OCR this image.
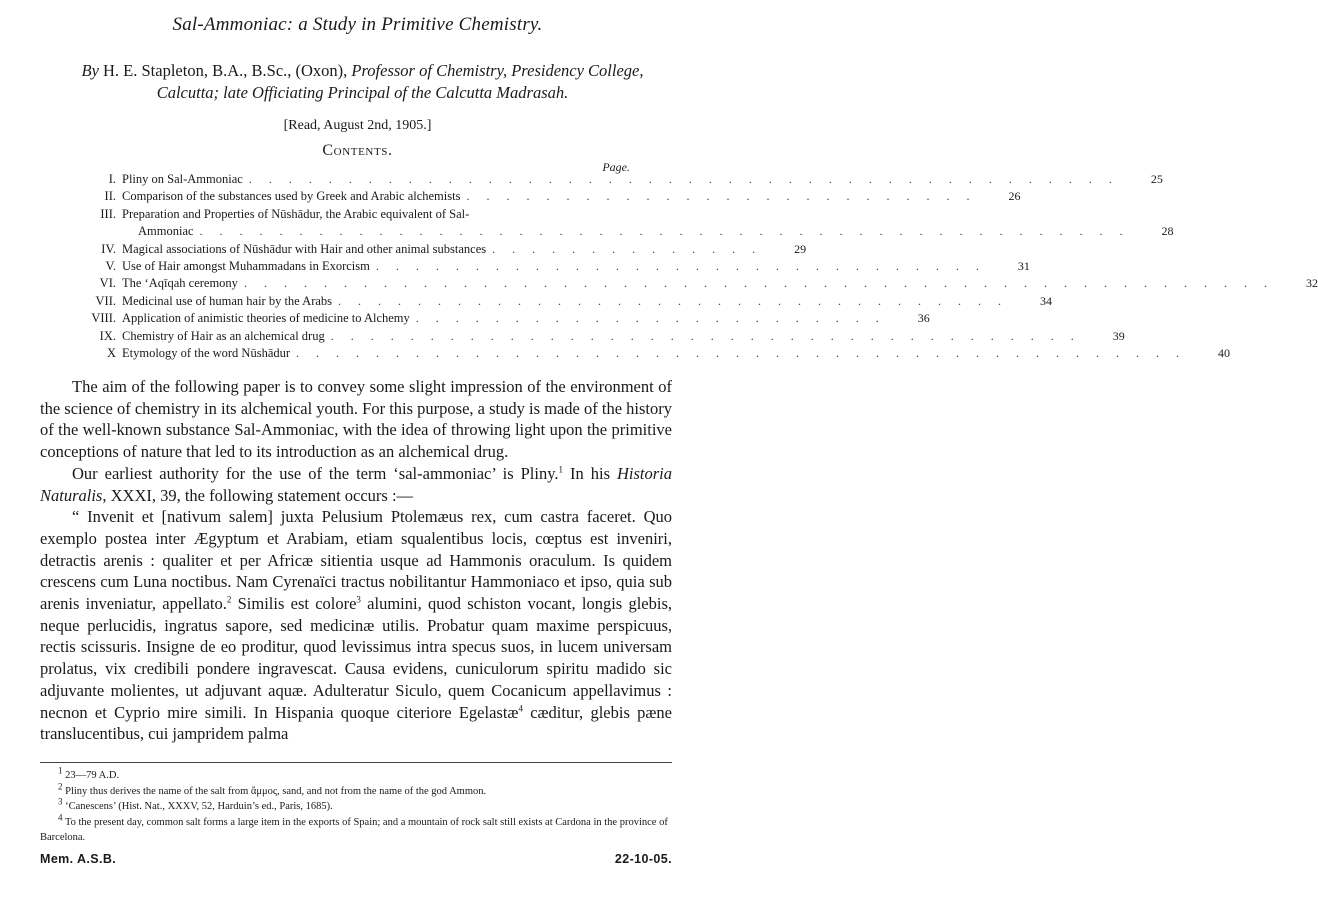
Sal-Ammoniac: a Study in Primitive Chemistry.
By H. E. Stapleton, B.A., B.Sc., (Oxon), Professor of Chemistry, Presidency College,
Calcutta; late Officiating Principal of the Calcutta Madrasah.
[Read, August 2nd, 1905.]
Contents.
Page.
I. Pliny on Sal-Ammoniac . . . . . . . . . . . . . . . . . . . . . . . . . . . . . . . . . . . . . . . . . . . .	25
II. Comparison of the substances used by Greek and Arabic alchemists . . . . . . . . . . . . . . . . . . . . . . . . . .	26
III. Preparation and Properties of Nūshādur, the Arabic equivalent of Sal-
Ammoniac . . . . . . . . . . . . . . . . . . . . . . . . . . . . . . . . . . . . . . . . . . . . . . .	28
IV. Magical associations of Nūshādur with Hair and other animal substances . . . . . . . . . . . . . .	29
V. Use of Hair amongst Muhammadans in Exorcism . . . . . . . . . . . . . . . . . . . . . . . . . . . . . . .	31
VI. The ‘Aqīqah ceremony . . . . . . . . . . . . . . . . . . . . . . . . . . . . . . . . . . . . . . . . . . . . . . . . . . . .	32
VII. Medicinal use of human hair by the Arabs . . . . . . . . . . . . . . . . . . . . . . . . . . . . . . . . . .	34
VIII. Application of animistic theories of medicine to Alchemy . . . . . . . . . . . . . . . . . . . . . . . .	36
IX. Chemistry of Hair as an alchemical drug . . . . . . . . . . . . . . . . . . . . . . . . . . . . . . . . . . . . . .	39
X Etymology of the word Nūshādur . . . . . . . . . . . . . . . . . . . . . . . . . . . . . . . . . . . . . . . . . . . . .	40

The aim of the following paper is to convey some slight impression of the environment of the science of chemistry in its alchemical youth. For this purpose, a study is made of the history of the well-known substance Sal-Ammoniac, with the idea of throwing light upon the primitive conceptions of nature that led to its introduction as an alchemical drug.

Our earliest authority for the use of the term ‘sal-ammoniac’ is Pliny.$^1$ In his Historia Naturalis, XXXI, 39, the following statement occurs :—

“ Invenit et [nativum salem] juxta Pelusium Ptolemæus rex, cum castra faceret. Quo exemplo postea inter Ægyptum et Arabiam, etiam squalentibus locis, cœptus est inveniri, detractis arenis : qualiter et per Africæ sitientia usque ad Hammonis oraculum. Is quidem crescens cum Luna noctibus. Nam Cyrenaïci tractus nobilitantur Hammoniaco et ipso, quia sub arenis inveniatur, appellato.$^2$ Similis est colore$^3$ alumini, quod schiston vocant, longis glebis, neque perlucidis, ingratus sapore, sed medicinæ utilis. Probatur quam maxime perspicuus, rectis scissuris. Insigne de eo proditur, quod levissimus intra specus suos, in lucem universam prolatus, vix credibili pondere ingravescat. Causa evidens, cuniculorum spiritu madido sic adjuvante molientes, ut adjuvant aquæ. Adulteratur Siculo, quem Cocanicum appellavimus : necnon et Cyprio mire simili. In Hispania quoque citeriore Egelastæ$^4$ cæditur, glebis pæne translucentibus, cui jampridem palma

$^1$ 23—79 A.D.

$^2$ Pliny thus derives the name of the salt from ἄμμος, sand, and not from the name of the god Ammon.

$^3$ ‘Canescens’ (Hist. Nat., XXXV, 52, Harduin’s ed., Paris, 1685).

$^4$ To the present day, common salt forms a large item in the exports of Spain; and a mountain of rock salt still exists at Cardona in the province of Barcelona.

Mem. A.S.B.	22-10-05.
